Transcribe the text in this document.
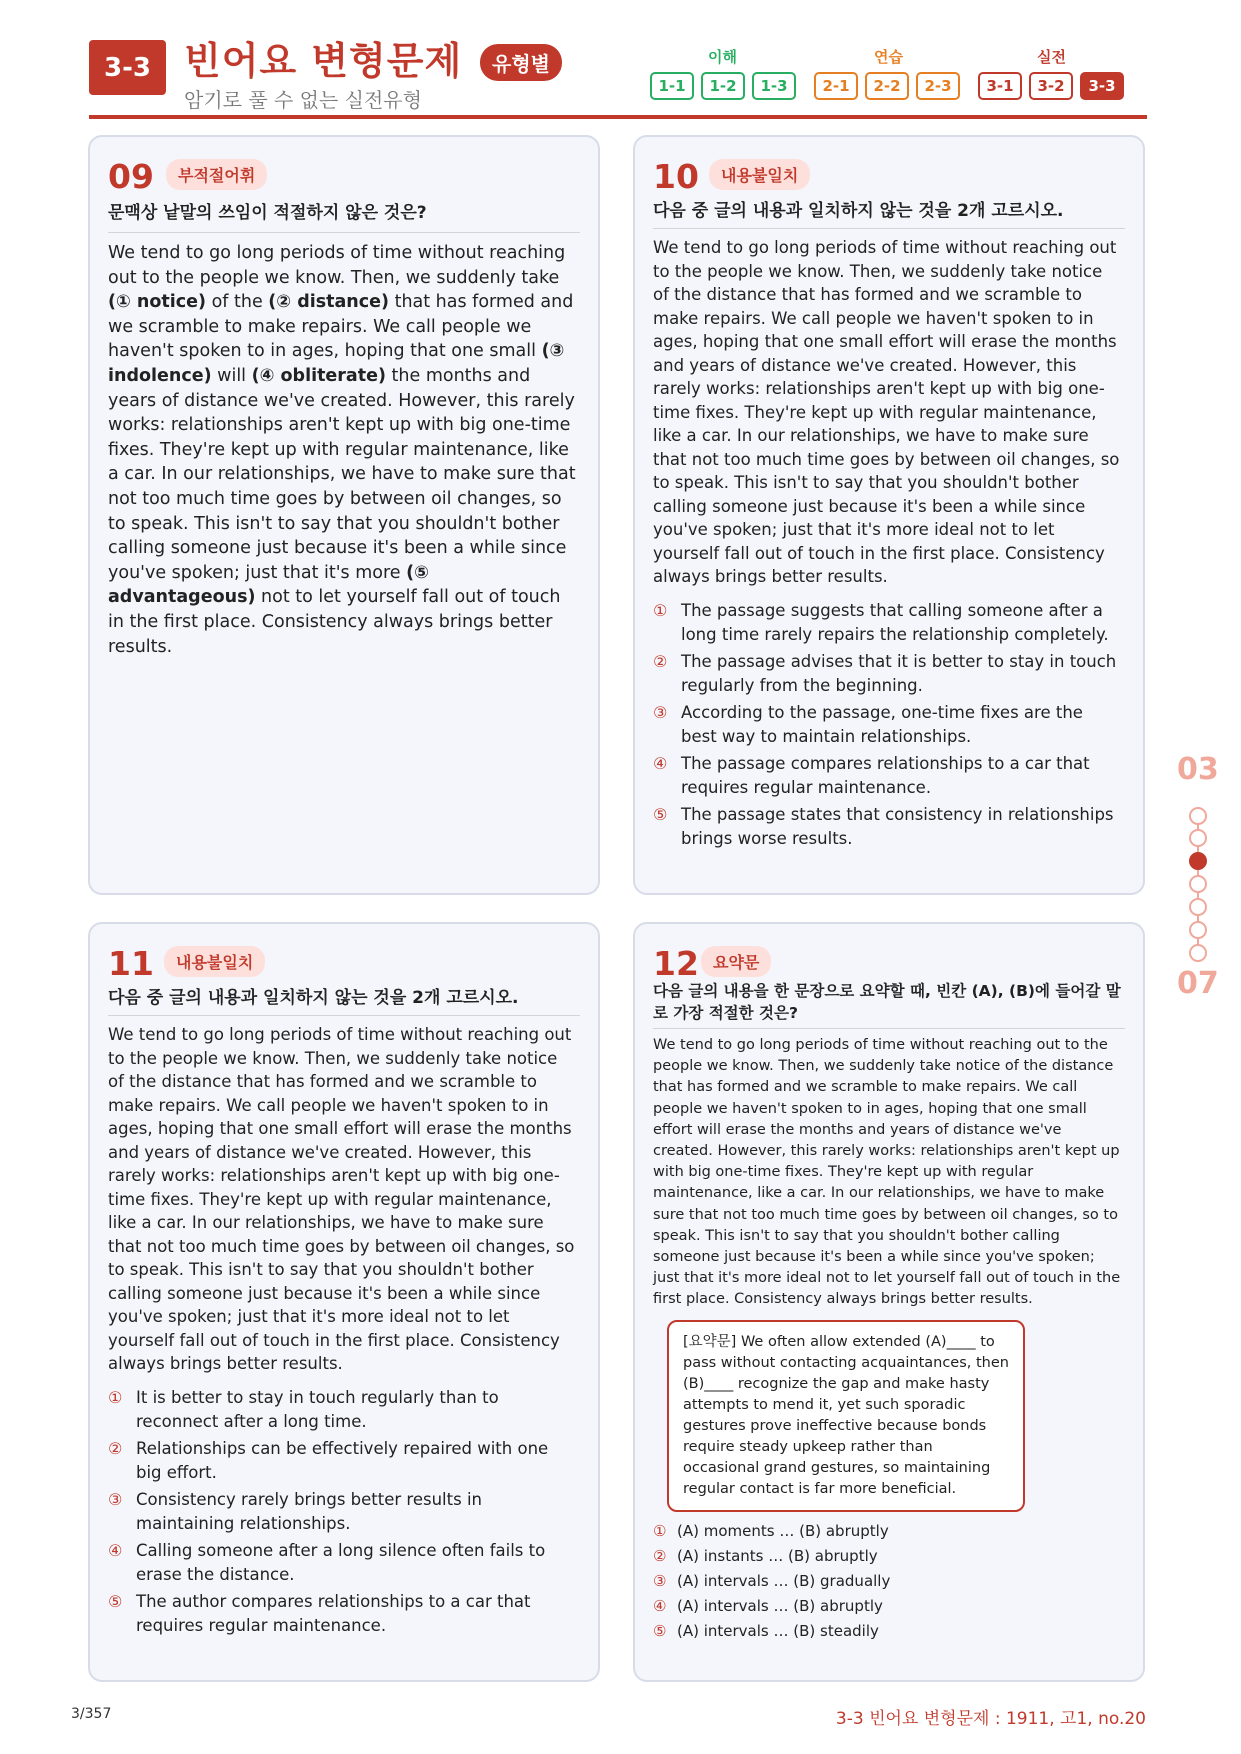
3-3 빈어요 변형문제	유형별
암기로 풀 수 없는 실전유형
이해	연습	실전
1-1	1-2	1-3	2-1	2-2	2-3	3-1	3-2	3-3
09	부적절어휘
문맥상 낱말의 쓰임이 적절하지 않은 것은?
We tend to go long periods of time without reaching out to the people we know. Then, we suddenly take (① notice) of the (② distance) that has formed and we scramble to make repairs. We call people we haven't spoken to in ages, hoping that one small (③ indolence) will (④ obliterate) the months and years of distance we've created. However, this rarely works: relationships aren't kept up with big one-time fixes. They're kept up with regular maintenance, like a car. In our relationships, we have to make sure that not too much time goes by between oil changes, so to speak. This isn't to say that you shouldn't bother calling someone just because it's been a while since you've spoken; just that it's more (⑤ advantageous) not to let yourself fall out of touch in the first place. Consistency always brings better results.
10	내용불일치
다음 중 글의 내용과 일치하지 않는 것을 2개 고르시오.
We tend to go long periods of time without reaching out to the people we know. Then, we suddenly take notice of the distance that has formed and we scramble to make repairs. We call people we haven't spoken to in ages, hoping that one small effort will erase the months and years of distance we've created. However, this rarely works: relationships aren't kept up with big one-time fixes. They're kept up with regular maintenance, like a car. In our relationships, we have to make sure that not too much time goes by between oil changes, so to speak. This isn't to say that you shouldn't bother calling someone just because it's been a while since you've spoken; just that it's more ideal not to let yourself fall out of touch in the first place. Consistency always brings better results.
① The passage suggests that calling someone after a long time rarely repairs the relationship completely.
② The passage advises that it is better to stay in touch regularly from the beginning.
③ According to the passage, one-time fixes are the best way to maintain relationships.
④ The passage compares relationships to a car that requires regular maintenance.
⑤ The passage states that consistency in relationships brings worse results.
11	내용불일치
다음 중 글의 내용과 일치하지 않는 것을 2개 고르시오.
We tend to go long periods of time without reaching out to the people we know. Then, we suddenly take notice of the distance that has formed and we scramble to make repairs. We call people we haven't spoken to in ages, hoping that one small effort will erase the months and years of distance we've created. However, this rarely works: relationships aren't kept up with big one-time fixes. They're kept up with regular maintenance, like a car. In our relationships, we have to make sure that not too much time goes by between oil changes, so to speak. This isn't to say that you shouldn't bother calling someone just because it's been a while since you've spoken; just that it's more ideal not to let yourself fall out of touch in the first place. Consistency always brings better results.
① It is better to stay in touch regularly than to reconnect after a long time.
② Relationships can be effectively repaired with one big effort.
③ Consistency rarely brings better results in maintaining relationships.
④ Calling someone after a long silence often fails to erase the distance.
⑤ The author compares relationships to a car that requires regular maintenance.
12 요약문
다음 글의 내용을 한 문장으로 요약할 때, 빈칸 (A), (B)에 들어갈 말로 가장 적절한 것은?
We tend to go long periods of time without reaching out to the people we know. Then, we suddenly take notice of the distance that has formed and we scramble to make repairs. We call people we haven't spoken to in ages, hoping that one small effort will erase the months and years of distance we've created. However, this rarely works: relationships aren't kept up with big one-time fixes. They're kept up with regular maintenance, like a car. In our relationships, we have to make sure that not too much time goes by between oil changes, so to speak. This isn't to say that you shouldn't bother calling someone just because it's been a while since you've spoken; just that it's more ideal not to let yourself fall out of touch in the first place. Consistency always brings better results.
[요약문] We often allow extended (A)____ to pass without contacting acquaintances, then (B)____ recognize the gap and make hasty attempts to mend it, yet such sporadic gestures prove ineffective because bonds require steady upkeep rather than occasional grand gestures, so maintaining regular contact is far more beneficial.
① (A) moments … (B) abruptly
② (A) instants … (B) abruptly
③ (A) intervals … (B) gradually
④ (A) intervals … (B) abruptly
⑤ (A) intervals … (B) steadily
03
07
3/357	3-3 빈어요 변형문제 : 1911, 고1, no.20
